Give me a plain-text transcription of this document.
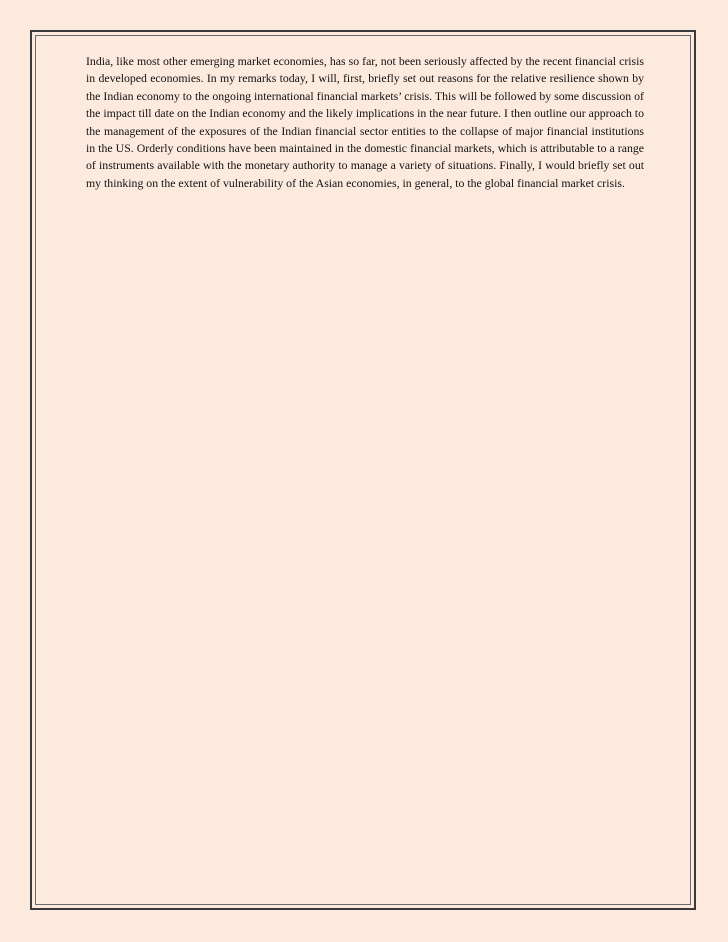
India, like most other emerging market economies, has so far, not been seriously affected by the recent financial crisis in developed economies. In my remarks today, I will, first, briefly set out reasons for the relative resilience shown by the Indian economy to the ongoing international financial markets’ crisis. This will be followed by some discussion of the impact till date on the Indian economy and the likely implications in the near future. I then outline our approach to the management of the exposures of the Indian financial sector entities to the collapse of major financial institutions in the US. Orderly conditions have been maintained in the domestic financial markets, which is attributable to a range of instruments available with the monetary authority to manage a variety of situations. Finally, I would briefly set out my thinking on the extent of vulnerability of the Asian economies, in general, to the global financial market crisis.
